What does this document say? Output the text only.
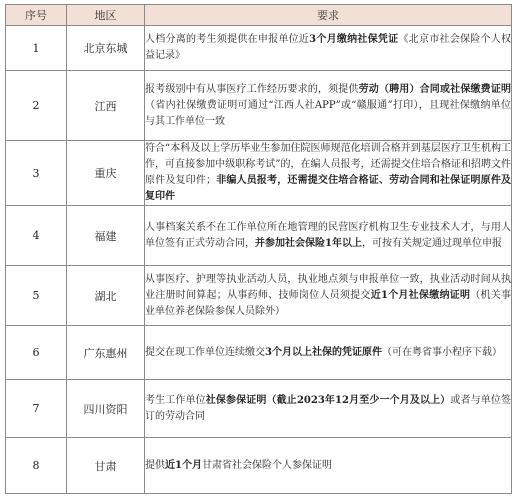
序号	地区	要求
1	北京东城	人档分离的考生须提供在申报单位近3个月缴纳社保凭证《北京市社会保险个人权益记录》
2	江西	报考级别中有从事医疗工作经历要求的，须提供劳动（聘用）合同或社保缴费证明（省内社保缴费证明可通过“江西人社APP”或“赣服通”打印），且现社保缴纳单位与其工作单位一致
3	重庆	符合“本科及以上学历毕业生参加住院医师规范化培训合格并到基层医疗卫生机构工作，可直接参加中级职称考试”的，在编人员报考，还需提交住培合格证和招聘文件原件及复印件；非编人员报考，还需提交住培合格证、劳动合同和社保证明原件及复印件
4	福建	人事档案关系不在工作单位所在地管理的民营医疗机构卫生专业技术人才，与用人单位签有正式劳动合同，并参加社会保险1年以上，可按有关规定通过现单位申报
5	湖北	从事医疗、护理等执业活动人员，执业地点须与申报单位一致，执业活动时间从执业注册时间算起；从事药师、技师岗位人员须提交近1个月社保缴纳证明（机关事业单位养老保险参保人员除外）
6	广东惠州	提交在现工作单位连续缴交3个月以上社保的凭证原件（可在粤省事小程序下载）
7	四川资阳	考生工作单位社保参保证明（截止2023年12月至少一个月及以上）或者与单位签订的劳动合同
8	甘肃	提供近1个月甘肃省社会保险个人参保证明
